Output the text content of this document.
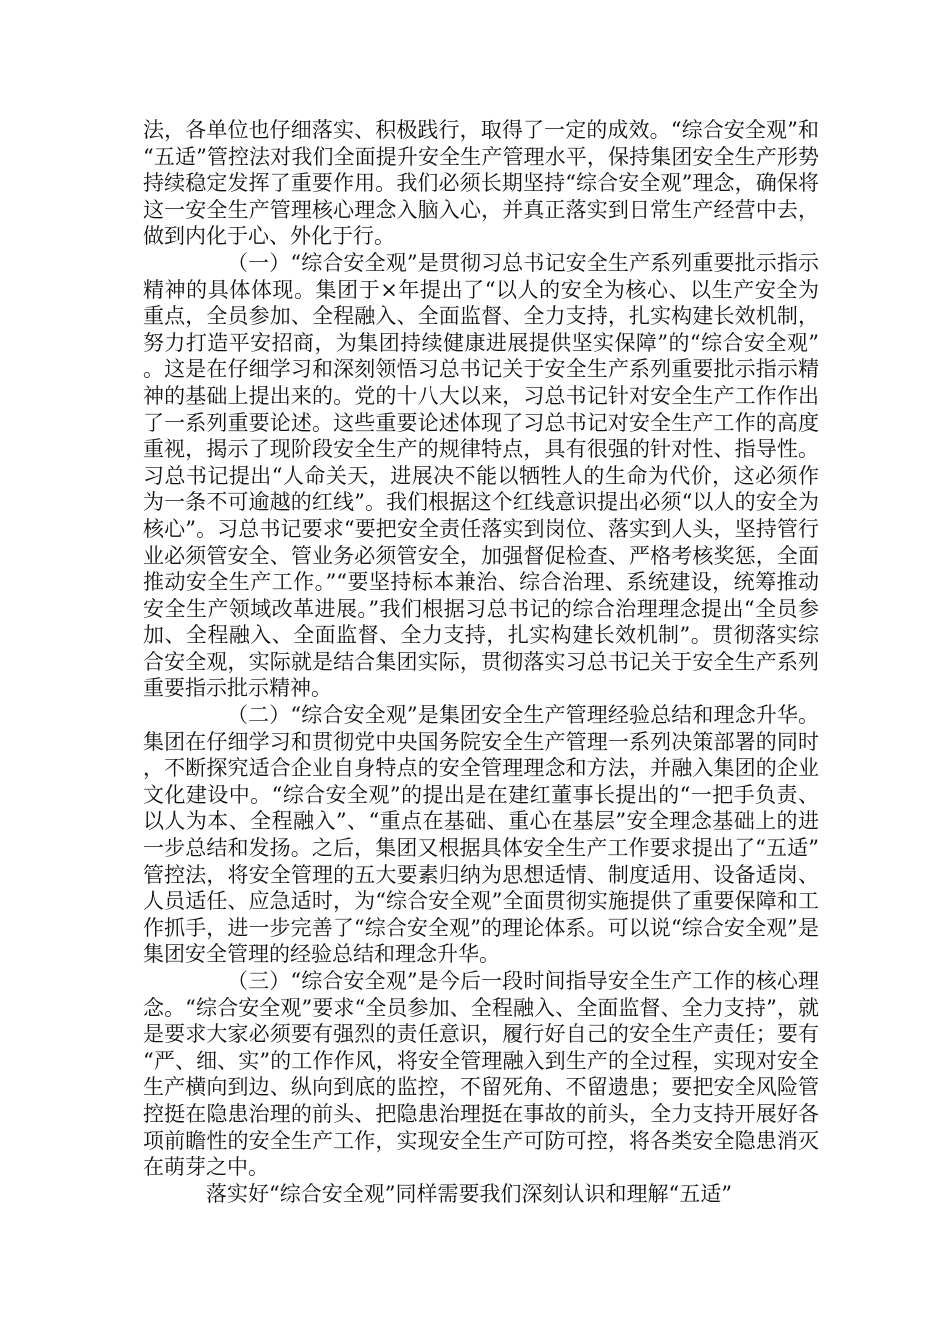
法，各单位也仔细落实、积极践行，取得了一定的成效。“综合安全观”和“五适”管控法对我们全面提升安全生产管理水平，保持集团安全生产形势持续稳定发挥了重要作用。我们必须长期坚持“综合安全观”理念，确保将这一安全生产管理核心理念入脑入心，并真正落实到日常生产经营中去，做到内化于心、外化于行。

（一）“综合安全观”是贯彻习总书记安全生产系列重要批示指示精神的具体体现。集团于×年提出了“以人的安全为核心、以生产安全为重点，全员参加、全程融入、全面监督、全力支持，扎实构建长效机制，努力打造平安招商，为集团持续健康进展提供坚实保障”的“综合安全观”。这是在仔细学习和深刻领悟习总书记关于安全生产系列重要批示指示精神的基础上提出来的。党的十八大以来，习总书记针对安全生产工作作出了一系列重要论述。这些重要论述体现了习总书记对安全生产工作的高度重视，揭示了现阶段安全生产的规律特点，具有很强的针对性、指导性。习总书记提出“人命关天，进展决不能以牺牲人的生命为代价，这必须作为一条不可逾越的红线”。我们根据这个红线意识提出必须“以人的安全为核心”。习总书记要求“要把安全责任落实到岗位、落实到人头，坚持管行业必须管安全、管业务必须管安全，加强督促检查、严格考核奖惩，全面推动安全生产工作。”“要坚持标本兼治、综合治理、系统建设，统筹推动安全生产领域改革进展。”我们根据习总书记的综合治理理念提出“全员参加、全程融入、全面监督、全力支持，扎实构建长效机制”。贯彻落实综合安全观，实际就是结合集团实际，贯彻落实习总书记关于安全生产系列重要指示批示精神。

（二）“综合安全观”是集团安全生产管理经验总结和理念升华。集团在仔细学习和贯彻党中央国务院安全生产管理一系列决策部署的同时，不断探究适合企业自身特点的安全管理理念和方法，并融入集团的企业文化建设中。“综合安全观”的提出是在建红董事长提出的“一把手负责、以人为本、全程融入”、“重点在基础、重心在基层”安全理念基础上的进一步总结和发扬。之后，集团又根据具体安全生产工作要求提出了“五适”管控法，将安全管理的五大要素归纳为思想适情、制度适用、设备适岗、人员适任、应急适时，为“综合安全观”全面贯彻实施提供了重要保障和工作抓手，进一步完善了“综合安全观”的理论体系。可以说“综合安全观”是集团安全管理的经验总结和理念升华。

（三）“综合安全观”是今后一段时间指导安全生产工作的核心理念。“综合安全观”要求“全员参加、全程融入、全面监督、全力支持”，就是要求大家必须要有强烈的责任意识，履行好自己的安全生产责任；要有“严、细、实”的工作作风，将安全管理融入到生产的全过程，实现对安全生产横向到边、纵向到底的监控，不留死角、不留遗患；要把安全风险管控挺在隐患治理的前头、把隐患治理挺在事故的前头，全力支持开展好各项前瞻性的安全生产工作，实现安全生产可防可控，将各类安全隐患消灭在萌芽之中。

落实好“综合安全观”同样需要我们深刻认识和理解“五适”
